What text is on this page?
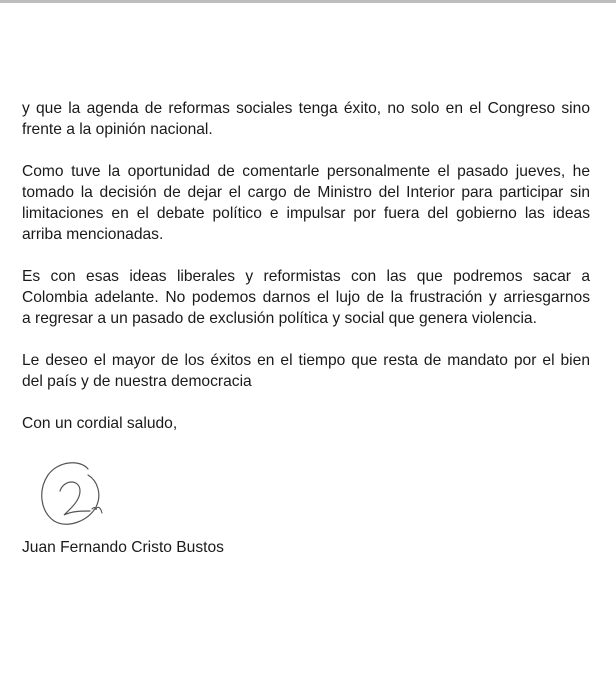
y que la agenda de reformas sociales tenga éxito, no solo en el Congreso sino
frente a la opinión nacional.

Como tuve la oportunidad de comentarle personalmente el pasado jueves, he
tomado la decisión de dejar el cargo de Ministro del Interior para participar sin
limitaciones en el debate político e impulsar por fuera del gobierno las ideas
arriba mencionadas.

Es con esas ideas liberales y reformistas con las que podremos sacar a
Colombia adelante. No podemos darnos el lujo de la frustración y arriesgarnos
a regresar a un pasado de exclusión política y social que genera violencia.

Le deseo el mayor de los éxitos en el tiempo que resta de mandato por el bien
del país y de nuestra democracia

Con un cordial saludo,

Juan Fernando Cristo Bustos
